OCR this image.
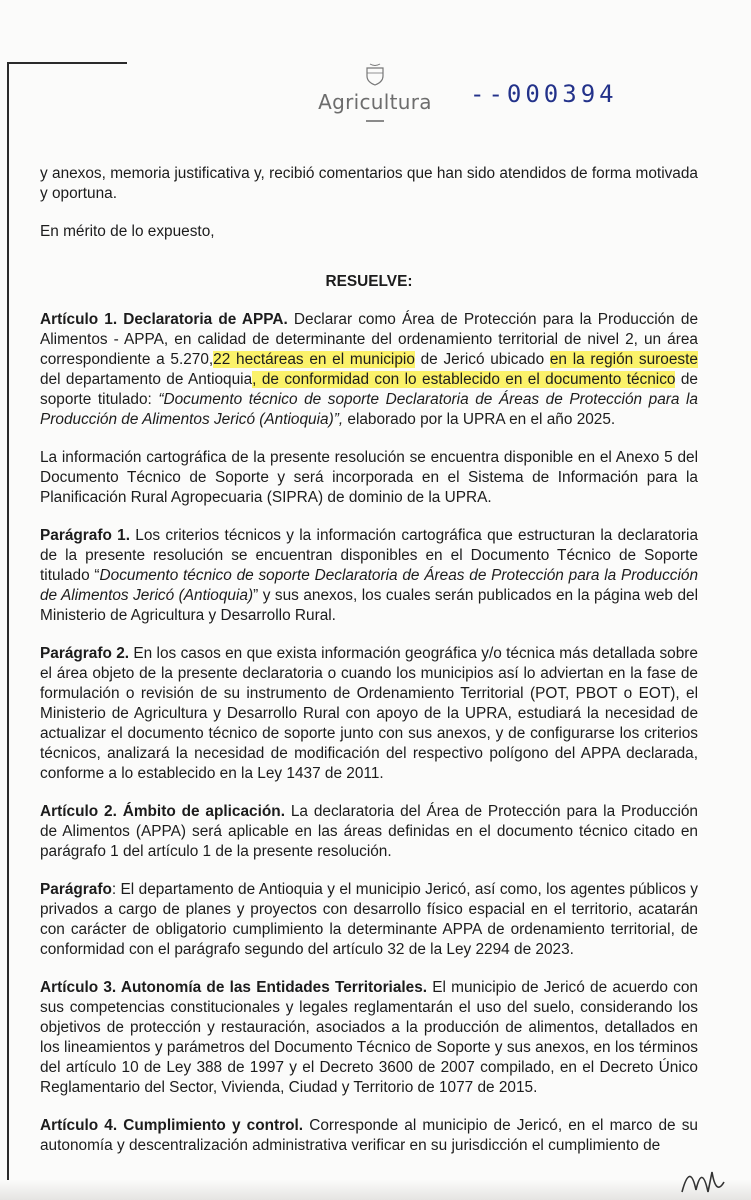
Agricultura	--000394

y anexos, memoria justificativa y, recibió comentarios que han sido atendidos de forma motivada y oportuna.

En mérito de lo expuesto,

RESUELVE:

Artículo 1. Declaratoria de APPA. Declarar como Área de Protección para la Producción de Alimentos - APPA, en calidad de determinante del ordenamiento territorial de nivel 2, un área correspondiente a 5.270,22 hectáreas en el municipio de Jericó ubicado en la región suroeste del departamento de Antioquia, de conformidad con lo establecido en el documento técnico de soporte titulado: “Documento técnico de soporte Declaratoria de Áreas de Protección para la Producción de Alimentos Jericó (Antioquia)”, elaborado por la UPRA en el año 2025.

La información cartográfica de la presente resolución se encuentra disponible en el Anexo 5 del Documento Técnico de Soporte y será incorporada en el Sistema de Información para la Planificación Rural Agropecuaria (SIPRA) de dominio de la UPRA.

Parágrafo 1. Los criterios técnicos y la información cartográfica que estructuran la declaratoria de la presente resolución se encuentran disponibles en el Documento Técnico de Soporte titulado “Documento técnico de soporte Declaratoria de Áreas de Protección para la Producción de Alimentos Jericó (Antioquia)” y sus anexos, los cuales serán publicados en la página web del Ministerio de Agricultura y Desarrollo Rural.

Parágrafo 2. En los casos en que exista información geográfica y/o técnica más detallada sobre el área objeto de la presente declaratoria o cuando los municipios así lo adviertan en la fase de formulación o revisión de su instrumento de Ordenamiento Territorial (POT, PBOT o EOT), el Ministerio de Agricultura y Desarrollo Rural con apoyo de la UPRA, estudiará la necesidad de actualizar el documento técnico de soporte junto con sus anexos, y de configurarse los criterios técnicos, analizará la necesidad de modificación del respectivo polígono del APPA declarada, conforme a lo establecido en la Ley 1437 de 2011.

Artículo 2. Ámbito de aplicación. La declaratoria del Área de Protección para la Producción de Alimentos (APPA) será aplicable en las áreas definidas en el documento técnico citado en parágrafo 1 del artículo 1 de la presente resolución.

Parágrafo: El departamento de Antioquia y el municipio Jericó, así como, los agentes públicos y privados a cargo de planes y proyectos con desarrollo físico espacial en el territorio, acatarán con carácter de obligatorio cumplimiento la determinante APPA de ordenamiento territorial, de conformidad con el parágrafo segundo del artículo 32 de la Ley 2294 de 2023.

Artículo 3. Autonomía de las Entidades Territoriales. El municipio de Jericó de acuerdo con sus competencias constitucionales y legales reglamentarán el uso del suelo, considerando los objetivos de protección y restauración, asociados a la producción de alimentos, detallados en los lineamientos y parámetros del Documento Técnico de Soporte y sus anexos, en los términos del artículo 10 de Ley 388 de 1997 y el Decreto 3600 de 2007 compilado, en el Decreto Único Reglamentario del Sector, Vivienda, Ciudad y Territorio de 1077 de 2015.

Artículo 4. Cumplimiento y control. Corresponde al municipio de Jericó, en el marco de su autonomía y descentralización administrativa verificar en su jurisdicción el cumplimiento de
